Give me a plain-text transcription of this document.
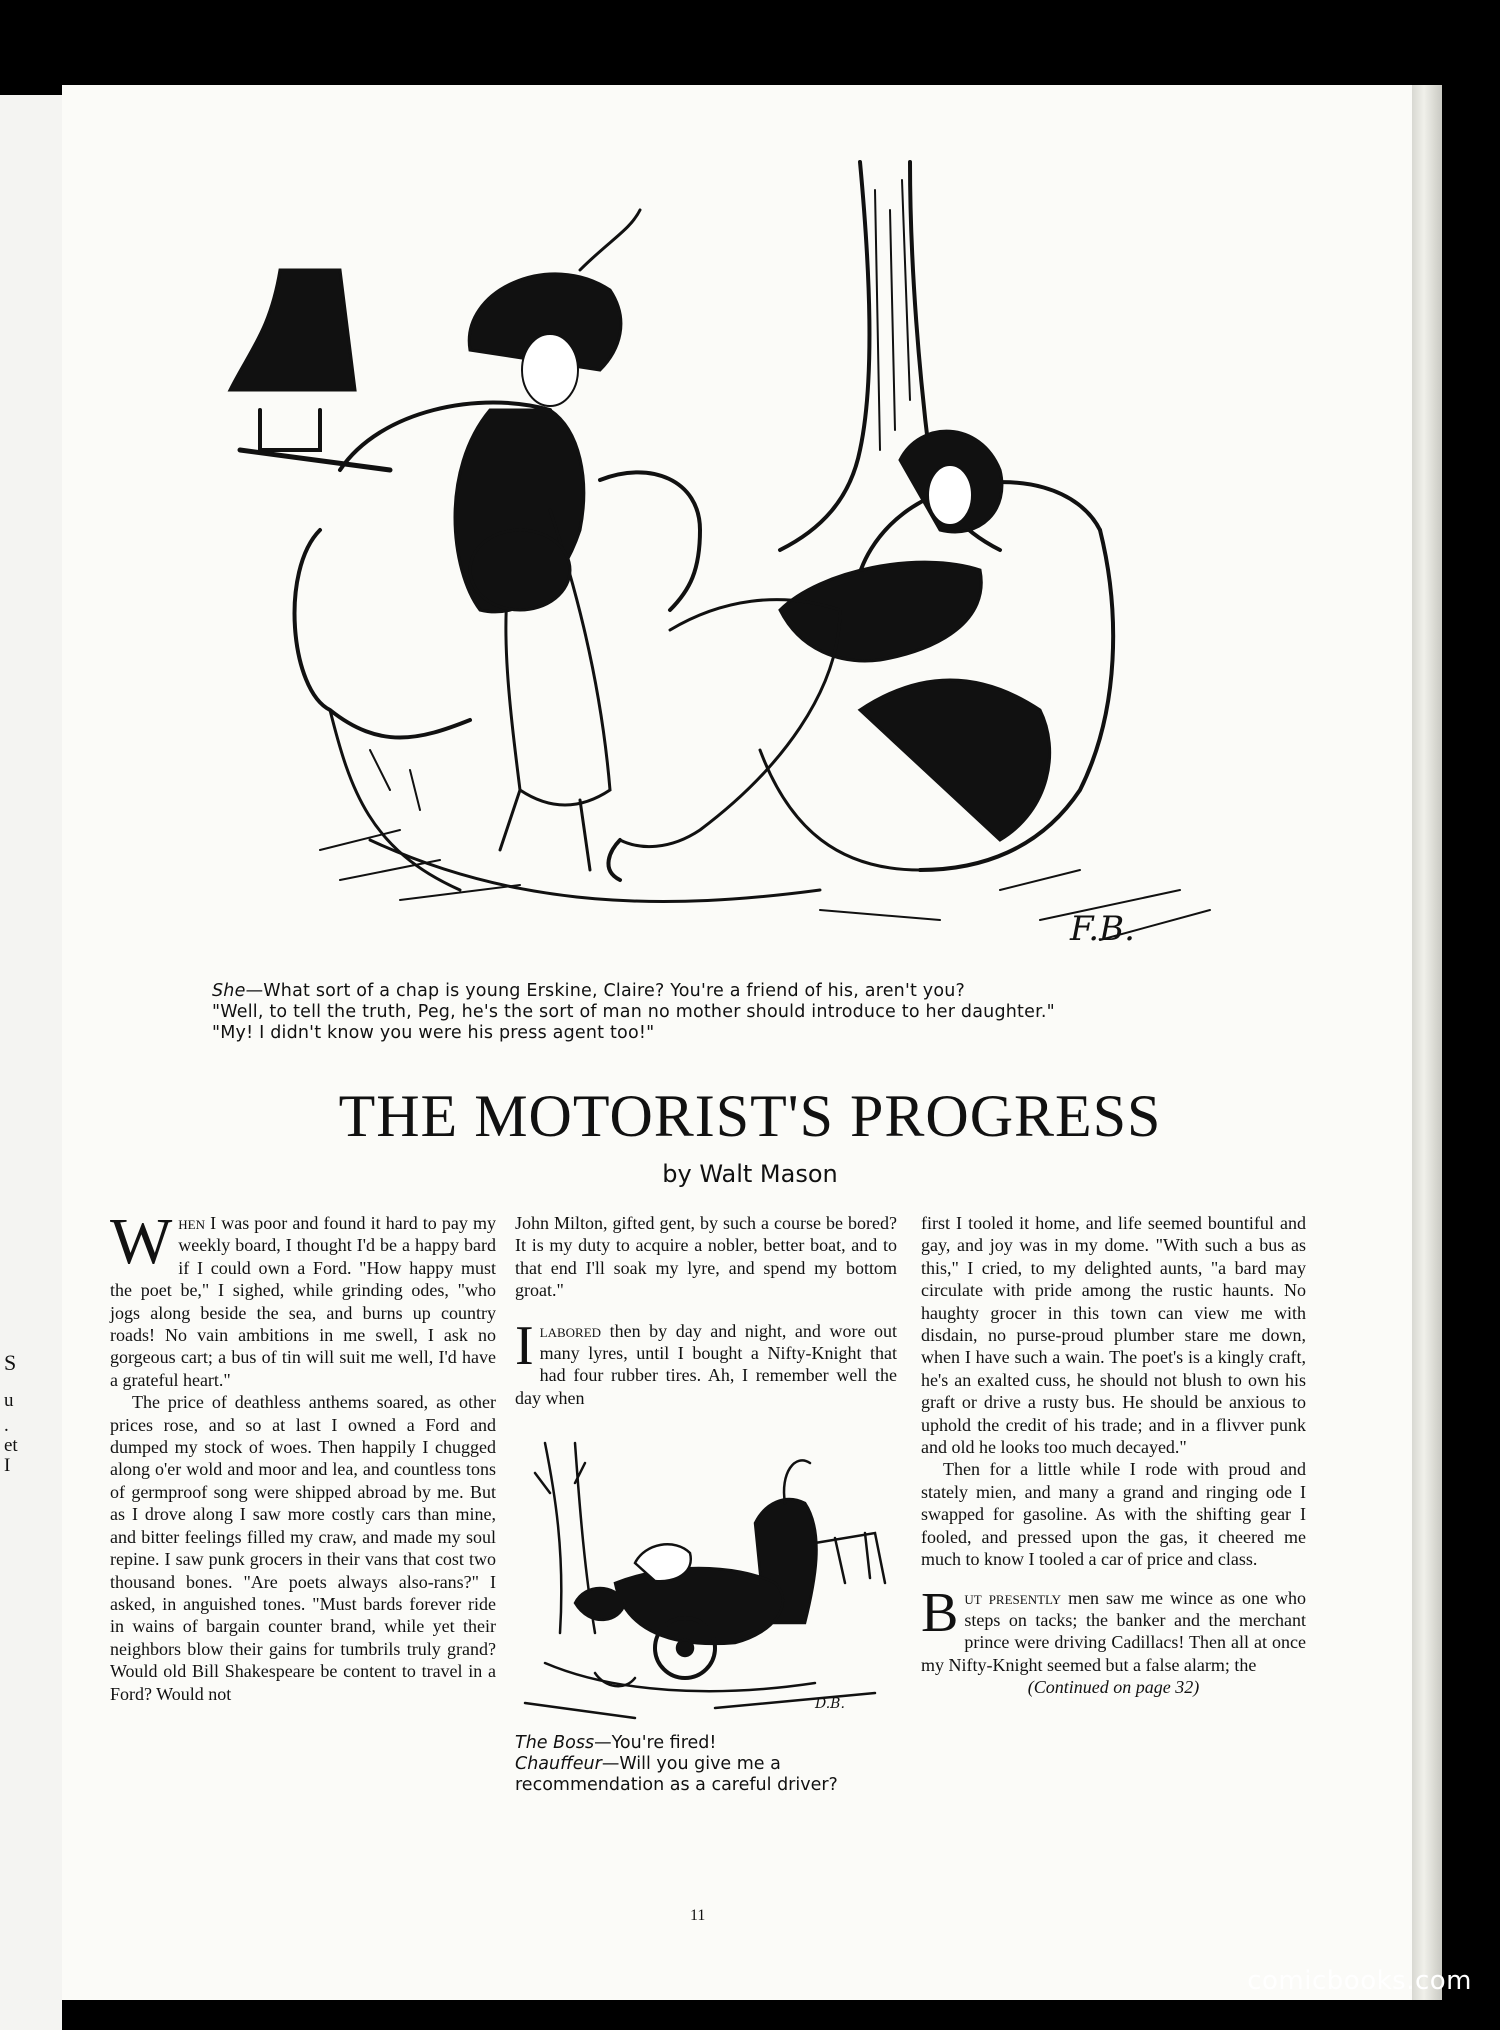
S
u
.
et
I
F.B.
She—What sort of a chap is young Erskine, Claire? You're a friend of his, aren't you?
"Well, to tell the truth, Peg, he's the sort of man no mother should introduce to her daughter."
"My! I didn't know you were his press agent too!"
THE MOTORIST'S PROGRESS
by Walt Mason

When I was poor and found it hard to pay my weekly board, I thought I'd be a happy bard if I could own a Ford. "How happy must the poet be," I sighed, while grinding odes, "who jogs along beside the sea, and burns up country roads! No vain ambitions in me swell, I ask no gorgeous cart; a bus of tin will suit me well, I'd have a grateful heart."

The price of deathless anthems soared, as other prices rose, and so at last I owned a Ford and dumped my stock of woes. Then happily I chugged along o'er wold and moor and lea, and countless tons of germproof song were shipped abroad by me. But as I drove along I saw more costly cars than mine, and bitter feelings filled my craw, and made my soul repine. I saw punk grocers in their vans that cost two thousand bones. "Are poets always also-rans?" I asked, in anguished tones. "Must bards forever ride in wains of bargain counter brand, while yet their neighbors blow their gains for tumbrils truly grand? Would old Bill Shakespeare be content to travel in a Ford? Would not

John Milton, gifted gent, by such a course be bored? It is my duty to acquire a nobler, better boat, and to that end I'll soak my lyre, and spend my bottom groat."

Ilabored then by day and night, and wore out many lyres, until I bought a Nifty-Knight that had four rubber tires. Ah, I remember well the day when

D.B.
The Boss—You're fired!
Chauffeur—Will you give me a recommendation as a careful driver?

first I tooled it home, and life seemed bountiful and gay, and joy was in my dome. "With such a bus as this," I cried, to my delighted aunts, "a bard may circulate with pride among the rustic haunts. No haughty grocer in this town can view me with disdain, no purse-proud plumber stare me down, when I have such a wain. The poet's is a kingly craft, he's an exalted cuss, he should not blush to own his graft or drive a rusty bus. He should be anxious to uphold the credit of his trade; and in a flivver punk and old he looks too much decayed."

Then for a little while I rode with proud and stately mien, and many a grand and ringing ode I swapped for gasoline. As with the shifting gear I fooled, and pressed upon the gas, it cheered me much to know I tooled a car of price and class.

But presently men saw me wince as one who steps on tacks; the banker and the merchant prince were driving Cadillacs! Then all at once my Nifty-Knight seemed but a false alarm; the

(Continued on page 32)

11
comicbooks.com
